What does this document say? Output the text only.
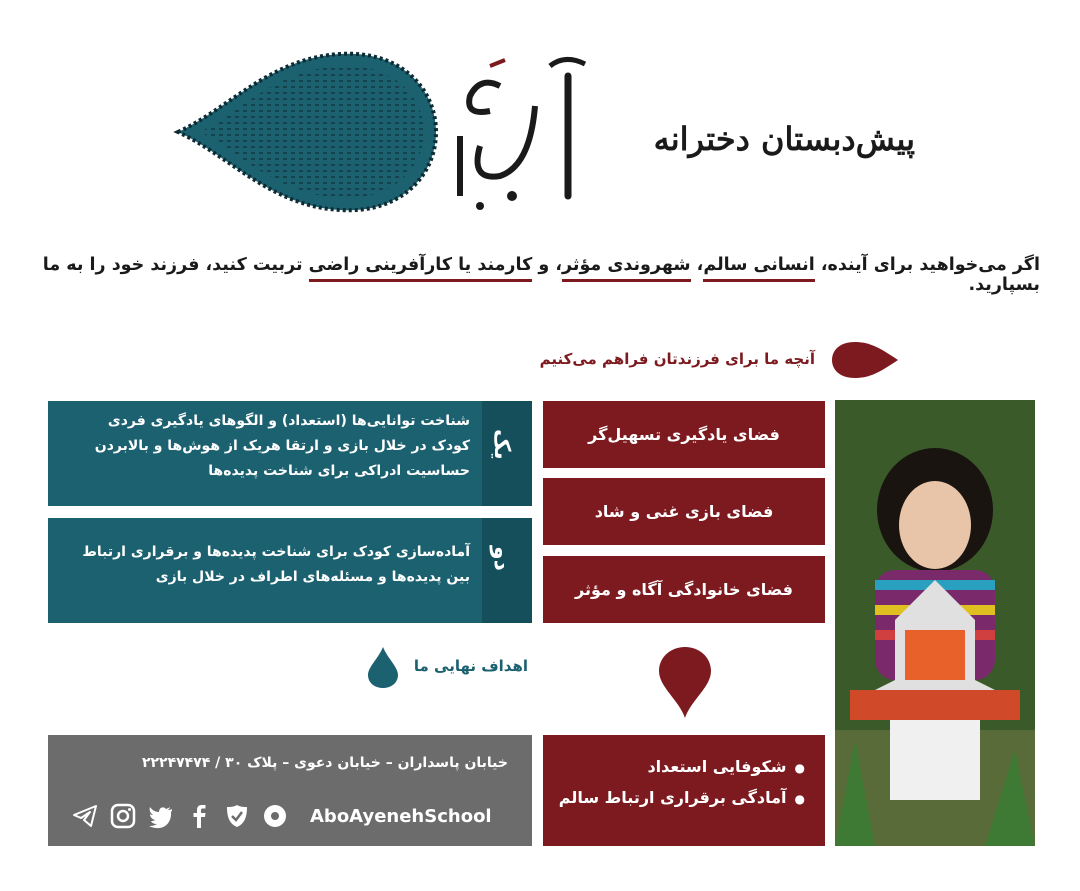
پیش‌دبستان دخترانه
اگر می‌خواهید برای آینده، انسانی سالم، شهروندی مؤثر، و کارمند یا کارآفرینی راضی تربیت کنید، فرزند خود را به ما بسپارید.
آنچه ما برای فرزندتان فراهم می‌کنیم
فضای یادگیری تسهیل‌گر
فضای بازی غنی و شاد
فضای خانوادگی آگاه و مؤثر
یک
شناخت توانایی‌ها (استعداد) و الگوهای یادگیری فردی کودک در خلال بازی و ارتقا هریک از هوش‌ها و بالابردن حساسیت ادراکی برای شناخت پدیده‌ها
دو
آماده‌سازی کودک برای شناخت پدیده‌ها و برقراری ارتباط بین پدیده‌ها و مسئله‌های اطراف در خلال بازی
اهداف نهایی ما
● شکوفایی استعداد
● آمادگی برقراری ارتباط سالم
خیابان پاسداران – خیابان دعوی – پلاک ۳۰ / ۲۲۲۴۷۴۷۴
AboAyenehSchool
